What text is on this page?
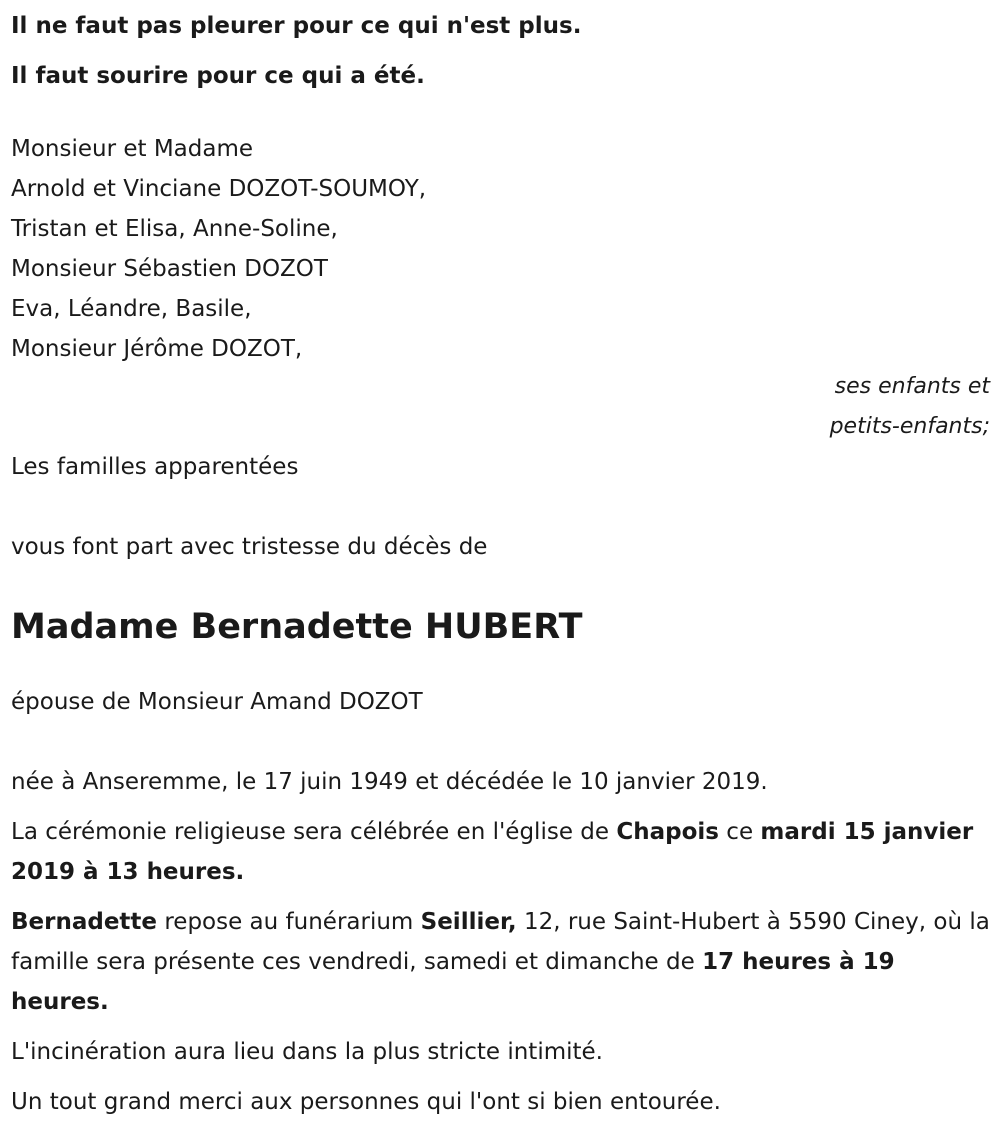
Il ne faut pas pleurer pour ce qui n'est plus.
Il faut sourire pour ce qui a été.
Monsieur et Madame
Arnold et Vinciane DOZOT-SOUMOY,
Tristan et Elisa, Anne-Soline,
Monsieur Sébastien DOZOT
Eva, Léandre, Basile,
Monsieur Jérôme DOZOT,
ses enfants et
petits-enfants;
Les familles apparentées
vous font part avec tristesse du décès de
Madame Bernadette HUBERT
épouse de Monsieur Amand DOZOT
née à Anseremme, le 17 juin 1949 et décédée le 10 janvier 2019.
La cérémonie religieuse sera célébrée en l'église de Chapois ce mardi 15 janvier 2019 à 13 heures.
Bernadette repose au funérarium Seillier, 12, rue Saint-Hubert à 5590 Ciney, où la famille sera présente ces vendredi, samedi et dimanche de 17 heures à 19 heures.
L'incinération aura lieu dans la plus stricte intimité.
Un tout grand merci aux personnes qui l'ont si bien entourée.
